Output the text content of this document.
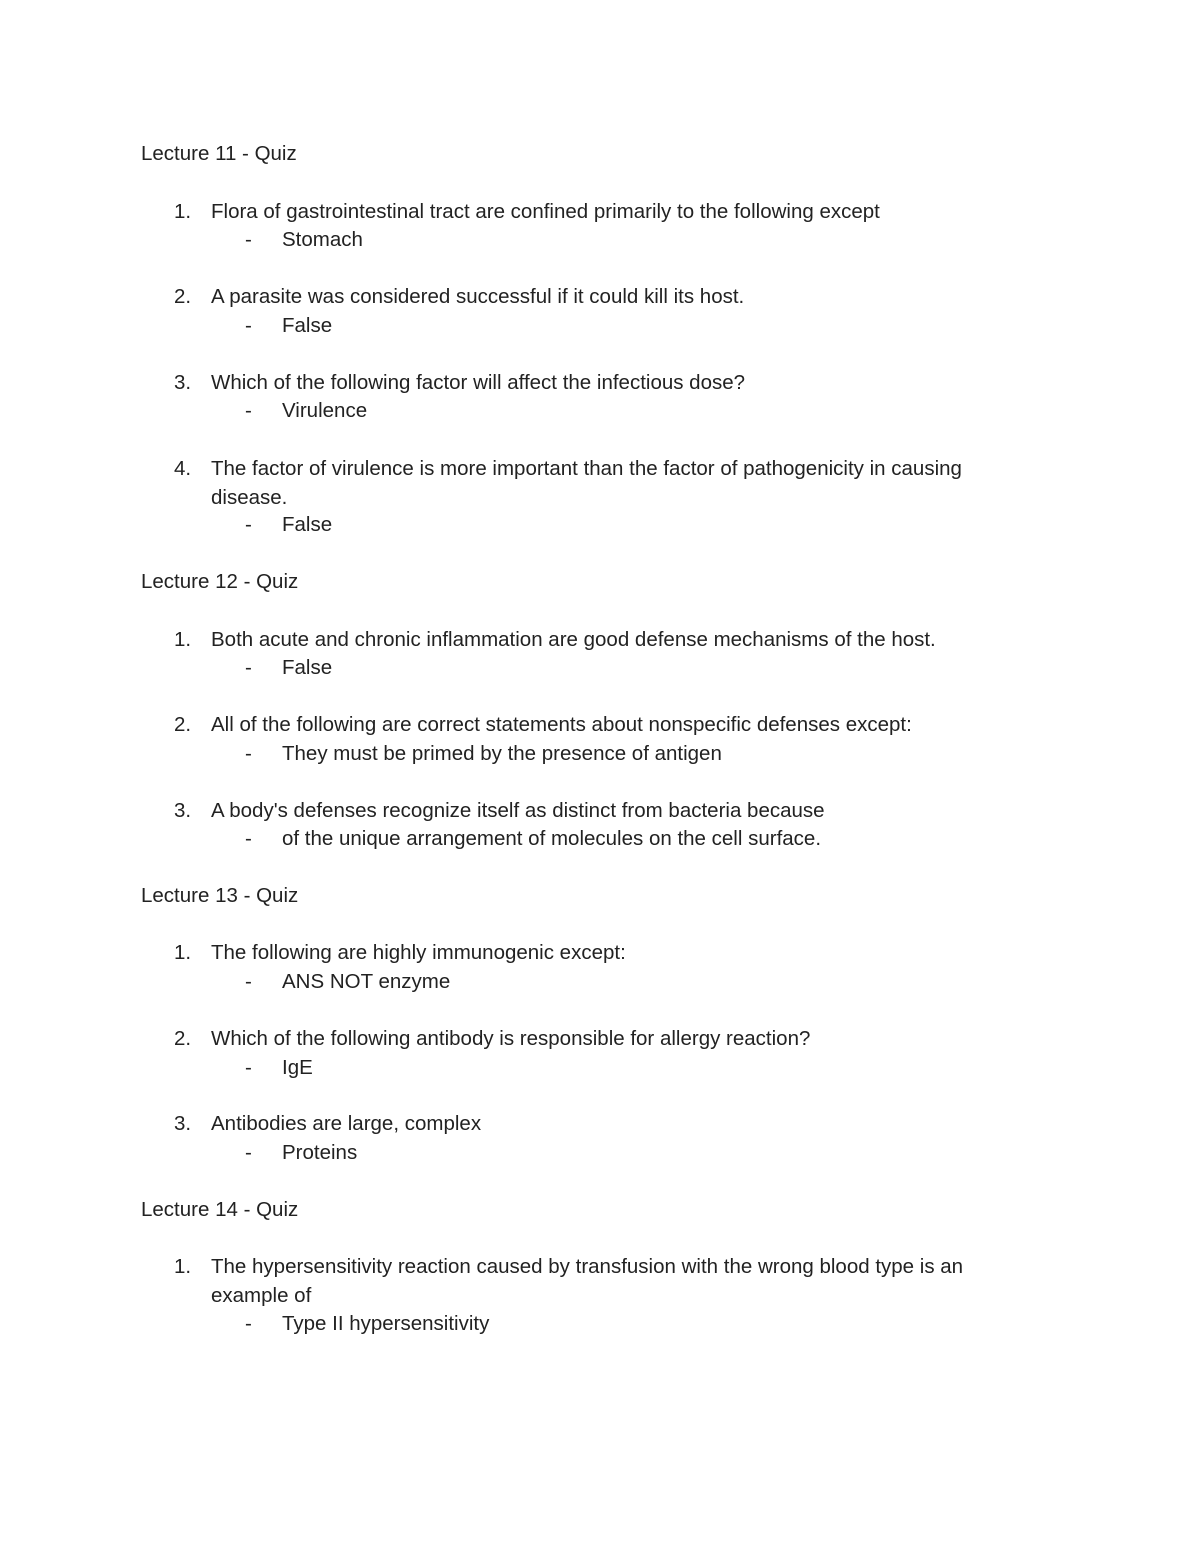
Lecture 11 - Quiz
1. Flora of gastrointestinal tract are confined primarily to the following except
- Stomach
2. A parasite was considered successful if it could kill its host.
- False
3. Which of the following factor will affect the infectious dose?
- Virulence
4. The factor of virulence is more important than the factor of pathogenicity in causing disease.
- False
Lecture 12 - Quiz
1. Both acute and chronic inflammation are good defense mechanisms of the host.
- False
2. All of the following are correct statements about nonspecific defenses except:
- They must be primed by the presence of antigen
3. A body's defenses recognize itself as distinct from bacteria because
- of the unique arrangement of molecules on the cell surface.
Lecture 13 - Quiz
1. The following are highly immunogenic except:
- ANS NOT enzyme
2. Which of the following antibody is responsible for allergy reaction?
- IgE
3. Antibodies are large, complex
- Proteins
Lecture 14 - Quiz
1. The hypersensitivity reaction caused by transfusion with the wrong blood type is an example of
- Type II hypersensitivity
